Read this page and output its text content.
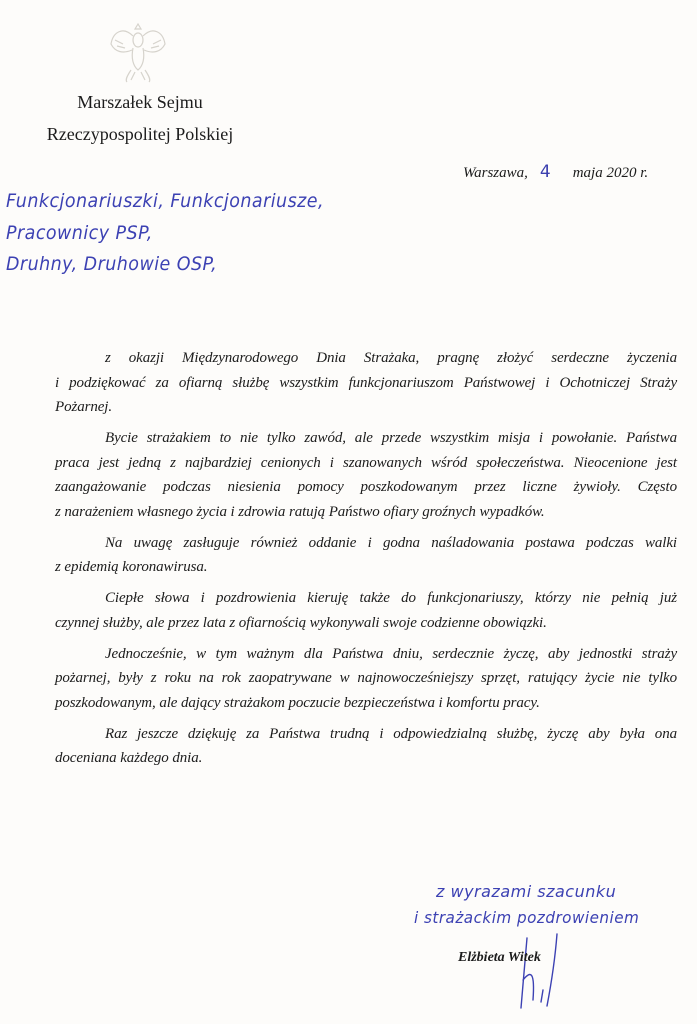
Marszałek Sejmu
Rzeczypospolitej Polskiej
Warszawa, 4 maja 2020 r.
Funkcjonariuszki, Funkcjonariusze,
Pracownicy PSP,
Druhny, Druhowie OSP,
z okazji Międzynarodowego Dnia Strażaka, pragnę złożyć serdeczne życzenia
i podziękować za ofiarną służbę wszystkim funkcjonariuszom Państwowej i Ochotniczej Straży
Pożarnej.
Bycie strażakiem to nie tylko zawód, ale przede wszystkim misja i powołanie. Państwa
praca jest jedną z najbardziej cenionych i szanowanych wśród społeczeństwa. Nieocenione jest
zaangażowanie podczas niesienia pomocy poszkodowanym przez liczne żywioły. Często
z narażeniem własnego życia i zdrowia ratują Państwo ofiary groźnych wypadków.
Na uwagę zasługuje również oddanie i godna naśladowania postawa podczas walki
z epidemią koronawirusa.
Ciepłe słowa i pozdrowienia kieruję także do funkcjonariuszy, którzy nie pełnią już
czynnej służby, ale przez lata z ofiarnością wykonywali swoje codzienne obowiązki.
Jednocześnie, w tym ważnym dla Państwa dniu, serdecznie życzę, aby jednostki straży
pożarnej, były z roku na rok zaopatrywane w najnowocześniejszy sprzęt, ratujący życie nie tylko
poszkodowanym, ale dający strażakom poczucie bezpieczeństwa i komfortu pracy.
Raz jeszcze dziękuję za Państwa trudną i odpowiedzialną służbę, życzę aby była ona
doceniana każdego dnia.
z wyrazami szacunku
i strażackim pozdrowieniem
Elżbieta Witek
